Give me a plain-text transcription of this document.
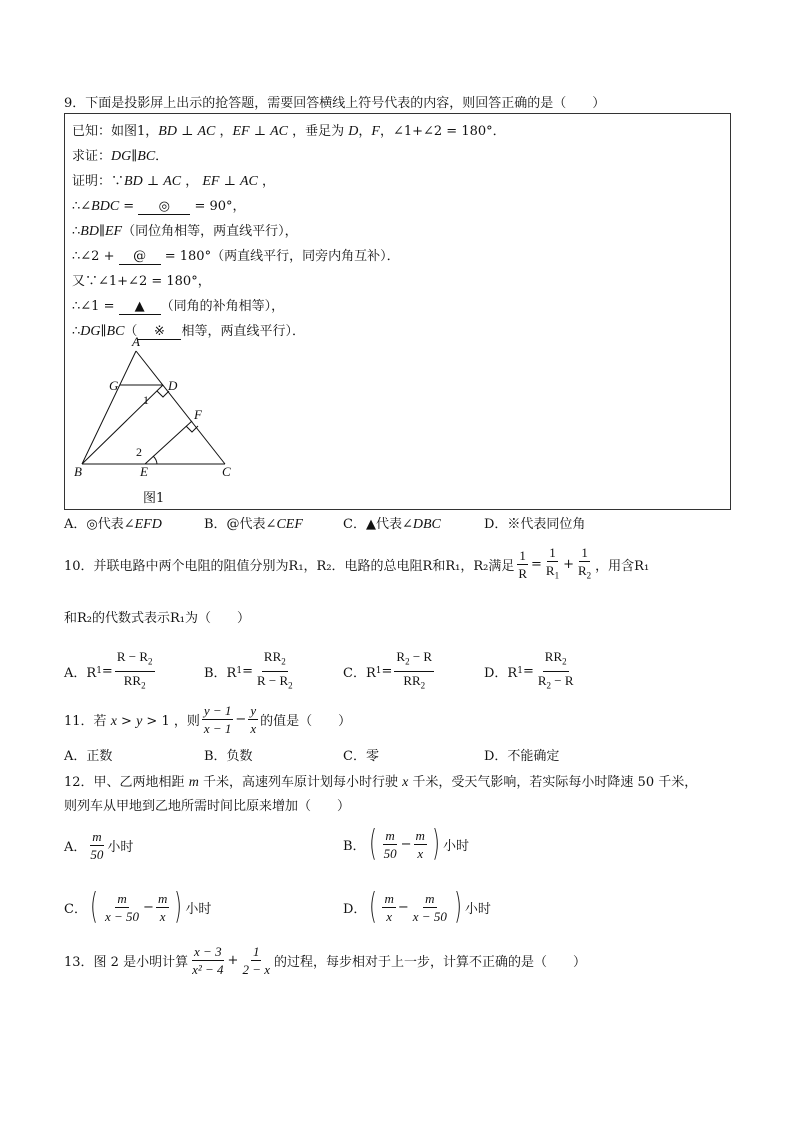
9．下面是投影屏上出示的抢答题，需要回答横线上符号代表的内容，则回答正确的是（　　）
已知：如图1，BD ⊥ AC ，EF ⊥ AC ，垂足为 D，F，∠1+∠2 = 180°．
求证：DG∥BC．
证明：∵BD ⊥ AC ， EF ⊥ AC ，
∴∠BDC = ◎ = 90°，
∴BD∥EF（同位角相等，两直线平行），
∴∠2 + @ = 180°（两直线平行，同旁内角互补）．
又∵∠1+∠2 = 180°，
∴∠1 = ▲ （同角的补角相等），
∴DG∥BC（ ※ 相等，两直线平行）．
A
G	D
F
B	E	C
1
2
图1
A．◎代表∠EFD	B．@代表∠CEF	C．▲代表∠DBC	D．※代表同位角
10．并联电路中两个电阻的阻值分别为R₁，R₂．电路的总电阻R和R₁，R₂满足 $\frac{1}{R} = \frac{1}{R_1} + \frac{1}{R_2}$ ，用含R₁
和R₂的代数式表示R₁为（　　）
A．R $1 = \frac{R - R_2}{RR_2}$	B．R $1 = \frac{RR_2}{R - R_2}$	C．R $1 = \frac{R_2 - R}{RR_2}$	D．R $1 = \frac{RR_2}{R_2 - R}$
11．若 x > y > 1 ，则 $\frac{y - 1}{x - 1} - \frac{y}{x}$ 的值是（　　）
A．正数	B．负数	C．零	D．不能确定
12．甲、乙两地相距 m 千米，高速列车原计划每小时行驶 x 千米，受天气影响，若实际每小时降速 50 千米，
则列车从甲地到乙地所需时间比原来增加（　　）
A． $\frac{m}{50}$ 小时	B． ( $\frac{m}{50} - \frac{m}{x}$ ) 小时
C． ( $\frac{m}{x - 50} - \frac{m}{x}$ ) 小时	D． ( $\frac{m}{x} - \frac{m}{x - 50}$ ) 小时
13．图 2 是小明计算 $\frac{x - 3}{\text{x² − 4}} + \frac{1}{2 - x}$ 的过程，每步相对于上一步，计算不正确的是（　　）
